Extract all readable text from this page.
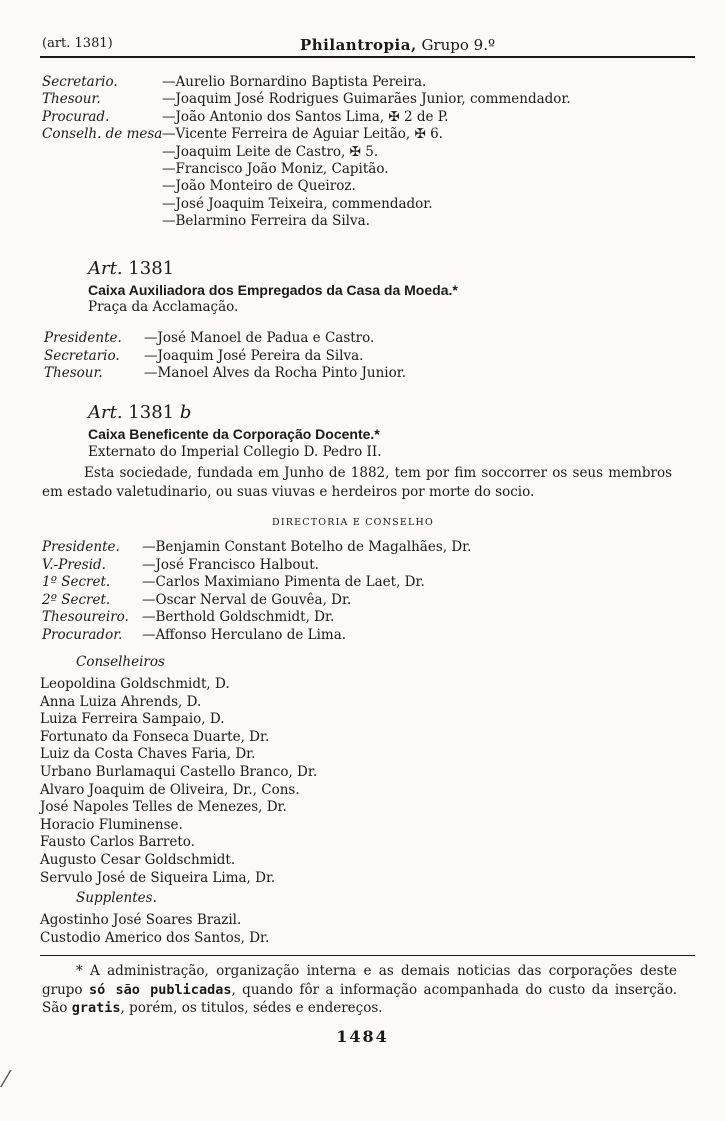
(art. 1381)	Philantropia, Grupo 9.º
Secretario.	—Aurelio Bornardino Baptista Pereira.
Thesour.	—Joaquim José Rodrigues Guimarães Junior, commendador.
Procurad.	—João Antonio dos Santos Lima, ✠ 2 de P.
Conselh. de mesa—Vicente Ferreira de Aguiar Leitão, ✠ 6.
—Joaquim Leite de Castro, ✠ 5.
—Francisco João Moniz, Capitão.
—João Monteiro de Queiroz.
—José Joaquim Teixeira, commendador.
—Belarmino Ferreira da Silva.
Art. 1381
Caixa Auxiliadora dos Empregados da Casa da Moeda.*
Praça da Acclamação.
Presidente. —José Manoel de Padua e Castro.
Secretario. —Joaquim José Pereira da Silva.
Thesour.	—Manoel Alves da Rocha Pinto Junior.
Art. 1381 b
Caixa Beneficente da Corporação Docente.*
Externato do Imperial Collegio D. Pedro II.
Esta sociedade, fundada em Junho de 1882, tem por fim soccorrer os seus membros em estado valetudinario, ou suas viuvas e herdeiros por morte do socio.
DIRECTORIA E CONSELHO
Presidente. —Benjamin Constant Botelho de Magalhães, Dr.
V.-Presid.	—José Francisco Halbout.
1º Secret. —Carlos Maximiano Pimenta de Laet, Dr.
2º Secret. —Oscar Nerval de Gouvêa, Dr.
Thesoureiro. —Berthold Goldschmidt, Dr.
Procurador. —Affonso Herculano de Lima.
Conselheiros
Leopoldina Goldschmidt, D.
Anna Luiza Ahrends, D.
Luiza Ferreira Sampaio, D.
Fortunato da Fonseca Duarte, Dr.
Luiz da Costa Chaves Faria, Dr.
Urbano Burlamaqui Castello Branco, Dr.
Alvaro Joaquim de Oliveira, Dr., Cons.
José Napoles Telles de Menezes, Dr.
Horacio Fluminense.
Fausto Carlos Barreto.
Augusto Cesar Goldschmidt.
Servulo José de Siqueira Lima, Dr.
Supplentes.
Agostinho José Soares Brazil.
Custodio Americo dos Santos, Dr.
* A administração, organização interna e as demais noticias das corporações deste grupo só são publicadas, quando fôr a informação acompanhada do custo da inserção. São gratis, porém, os titulos, sédes e endereços.
1484
⁄
